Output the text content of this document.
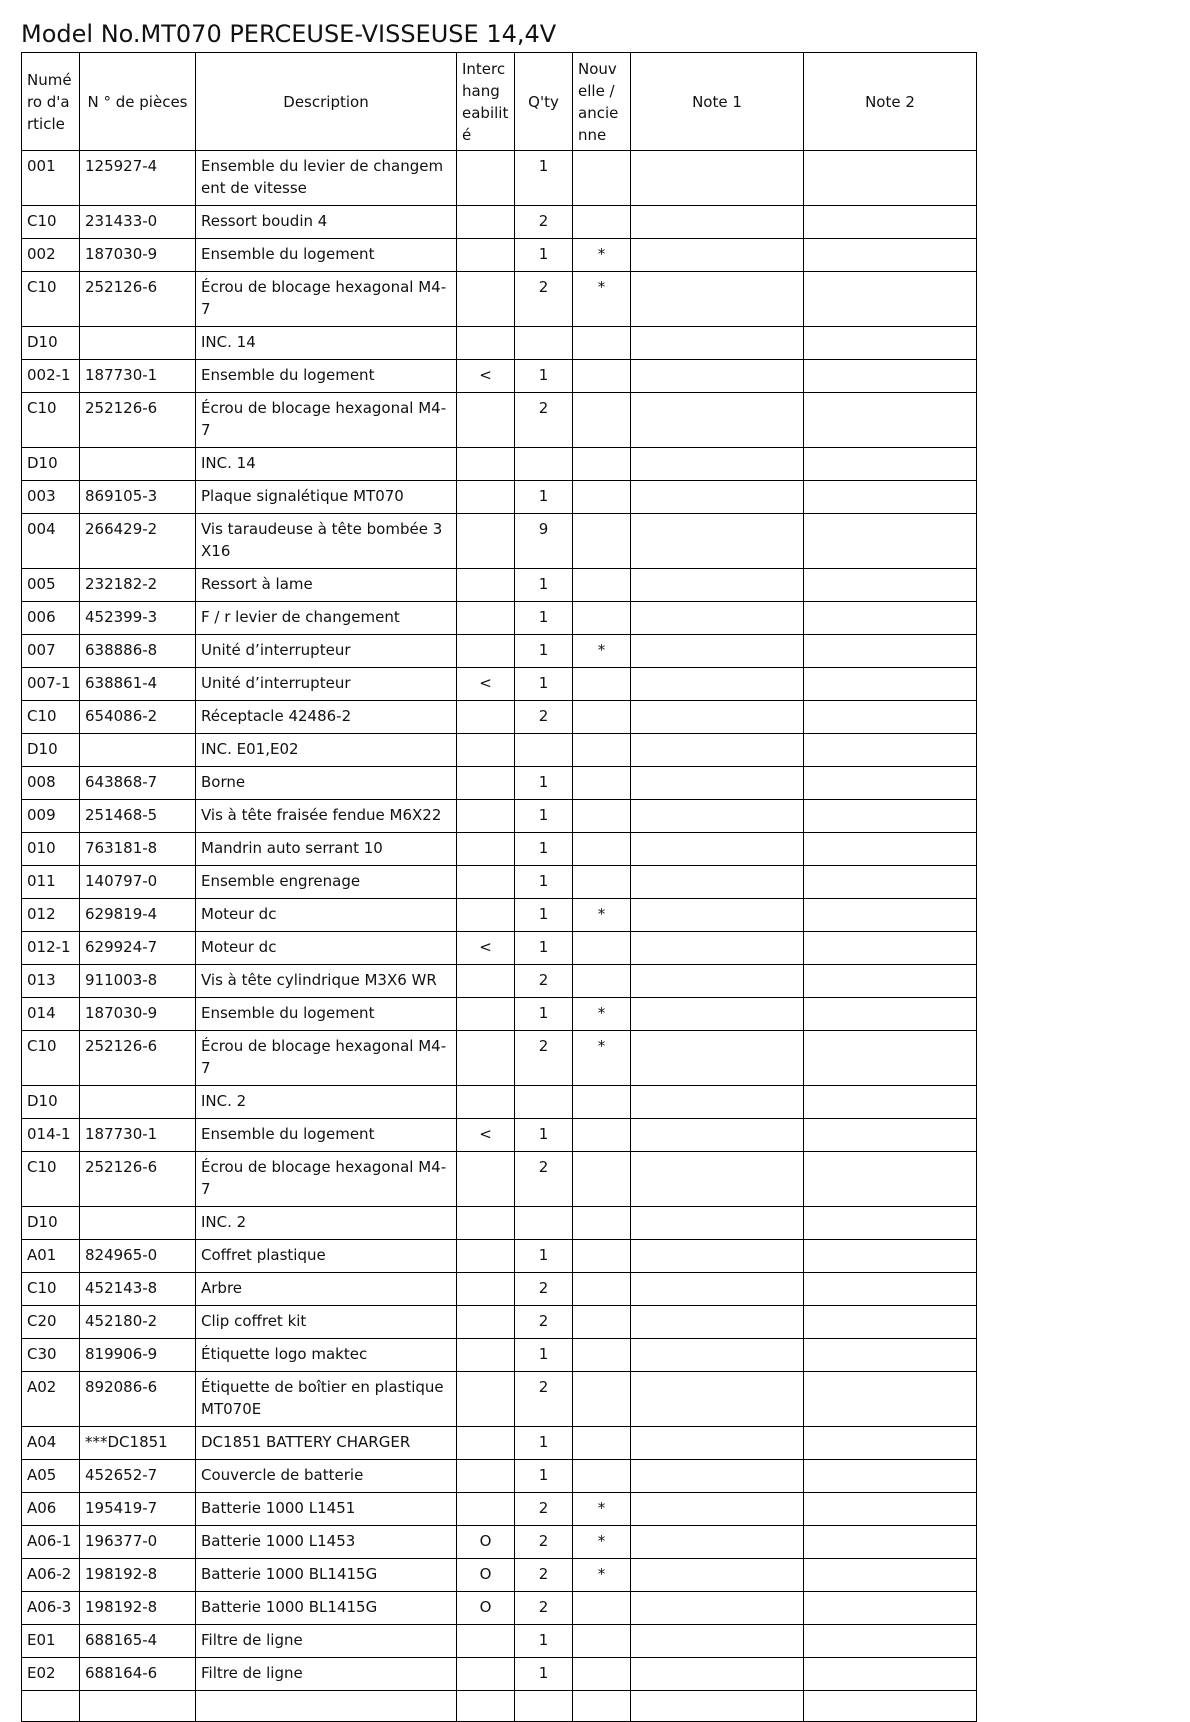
Model No.MT070 PERCEUSE-VISSEUSE 14,4V
Numé ro d'a rticle	N ° de pièces	Description	Interc hang eabilit é	Q'ty	Nouv elle / ancie nne	Note 1	Note 2
001	125927-4	Ensemble du levier de changem ent de vitesse		1			
C10	231433-0	Ressort boudin 4		2			
002	187030-9	Ensemble du logement		1	*		
C10	252126-6	Écrou de blocage hexagonal M4-7		2	*		
D10		INC. 14					
002-1	187730-1	Ensemble du logement	<	1			
C10	252126-6	Écrou de blocage hexagonal M4-7		2			
D10		INC. 14					
003	869105-3	Plaque signalétique MT070		1			
004	266429-2	Vis taraudeuse à tête bombée 3X16		9			
005	232182-2	Ressort à lame		1			
006	452399-3	F / r levier de changement		1			
007	638886-8	Unité d’interrupteur		1	*		
007-1	638861-4	Unité d’interrupteur	<	1			
C10	654086-2	Réceptacle 42486-2		2			
D10		INC. E01,E02					
008	643868-7	Borne		1			
009	251468-5	Vis à tête fraisée fendue M6X22		1			
010	763181-8	Mandrin auto serrant 10		1			
011	140797-0	Ensemble engrenage		1			
012	629819-4	Moteur dc		1	*		
012-1	629924-7	Moteur dc	<	1			
013	911003-8	Vis à tête cylindrique M3X6 WR		2			
014	187030-9	Ensemble du logement		1	*		
C10	252126-6	Écrou de blocage hexagonal M4-7		2	*		
D10		INC. 2					
014-1	187730-1	Ensemble du logement	<	1			
C10	252126-6	Écrou de blocage hexagonal M4-7		2			
D10		INC. 2					
A01	824965-0	Coffret plastique		1			
C10	452143-8	Arbre		2			
C20	452180-2	Clip coffret kit		2			
C30	819906-9	Étiquette logo maktec		1			
A02	892086-6	Étiquette de boîtier en plastique MT070E		2			
A04	***DC1851	DC1851 BATTERY CHARGER		1			
A05	452652-7	Couvercle de batterie		1			
A06	195419-7	Batterie 1000 L1451		2	*		
A06-1	196377-0	Batterie 1000 L1453	O	2	*		
A06-2	198192-8	Batterie 1000 BL1415G	O	2	*		
A06-3	198192-8	Batterie 1000 BL1415G	O	2			
E01	688165-4	Filtre de ligne		1			
E02	688164-6	Filtre de ligne		1			
